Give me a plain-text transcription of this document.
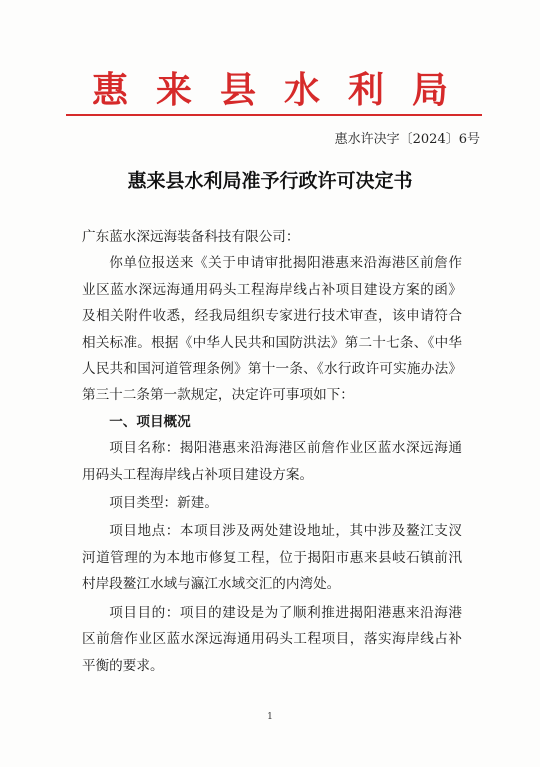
惠来县水利局
惠水许决字〔2024〕6号
惠来县水利局准予行政许可决定书

广东蓝水深远海装备科技有限公司：

你单位报送来《关于申请审批揭阳港惠来沿海港区前詹作业区蓝水深远海通用码头工程海岸线占补项目建设方案的函》及相关附件收悉，经我局组织专家进行技术审查，该申请符合相关标准。根据《中华人民共和国防洪法》第二十七条、《中华人民共和国河道管理条例》第十一条、《水行政许可实施办法》第三十二条第一款规定，决定许可事项如下：

一、项目概况

项目名称：揭阳港惠来沿海港区前詹作业区蓝水深远海通用码头工程海岸线占补项目建设方案。

项目类型：新建。

项目地点：本项目涉及两处建设地址，其中涉及鳌江支汊河道管理的为本地市修复工程，位于揭阳市惠来县岐石镇前汛村岸段鳌江水域与瀛江水域交汇的内湾处。

项目目的：项目的建设是为了顺利推进揭阳港惠来沿海港区前詹作业区蓝水深远海通用码头工程项目，落实海岸线占补平衡的要求。

1
